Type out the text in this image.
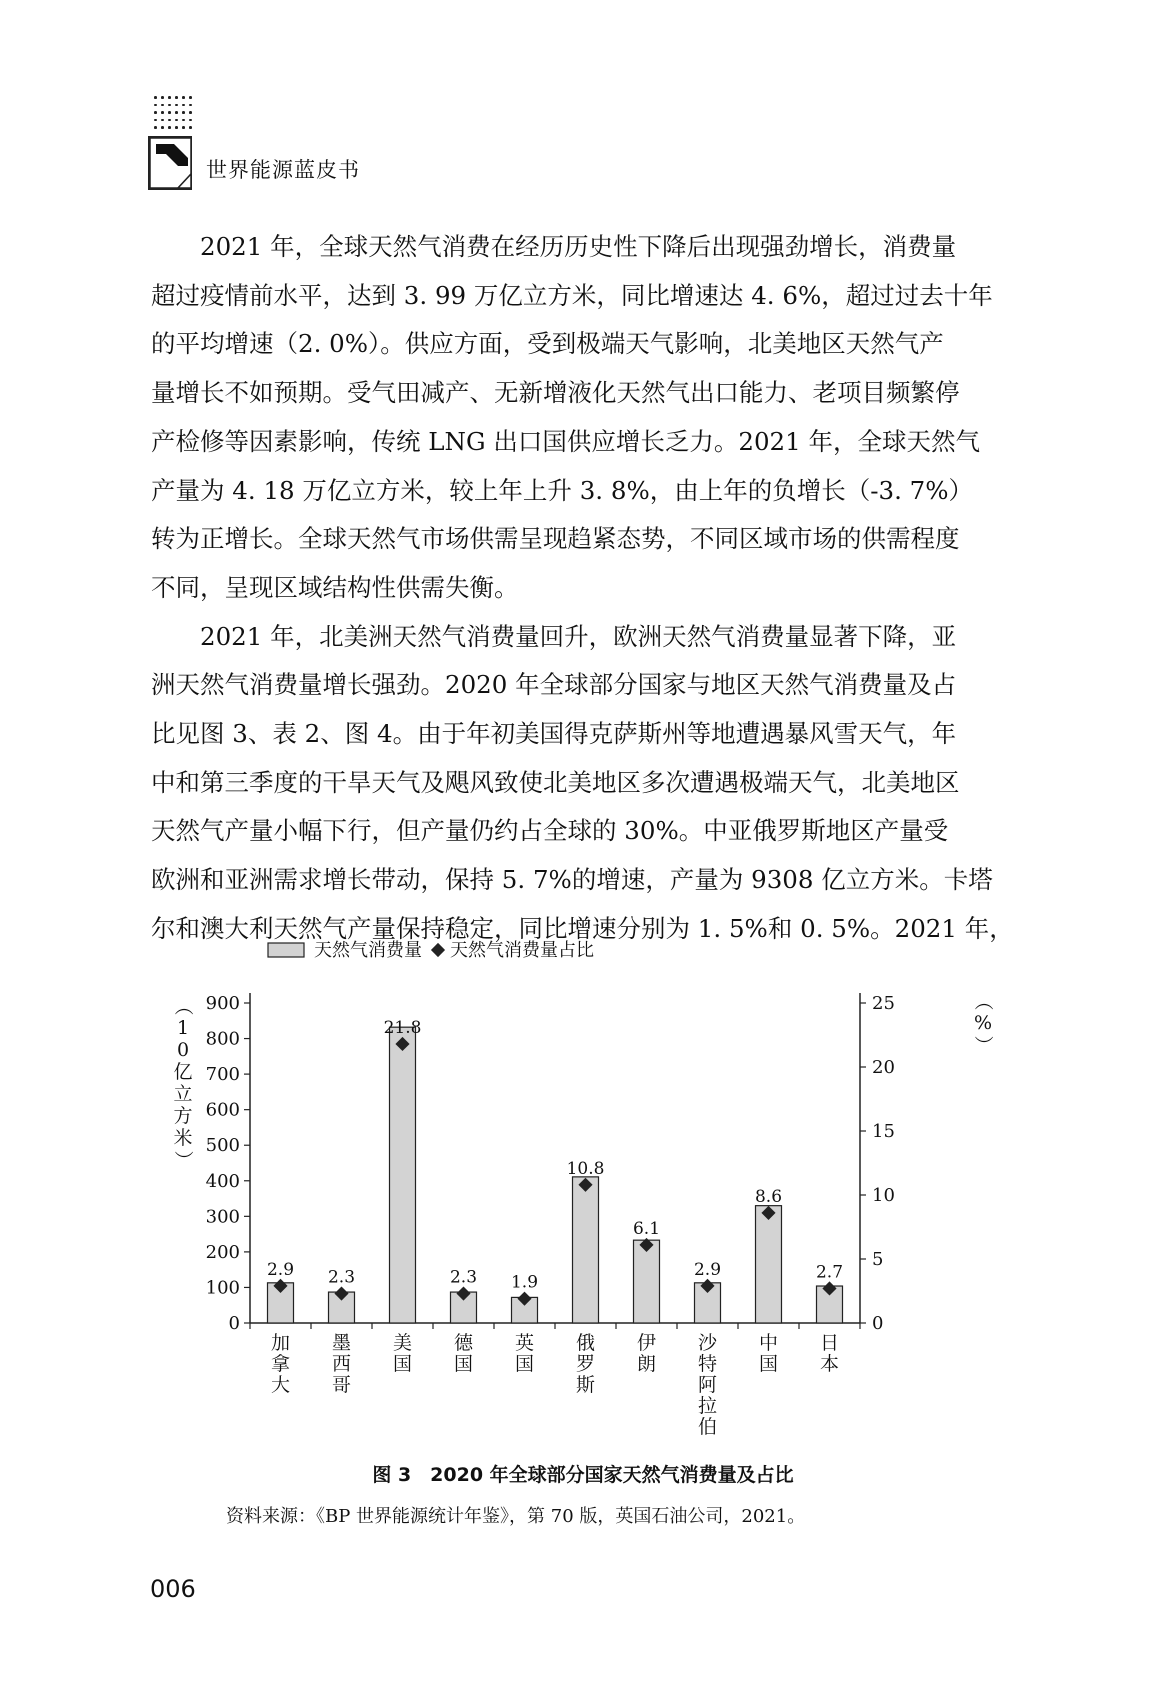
世界能源蓝皮书

2021 年，全球天然气消费在经历历史性下降后出现强劲增长，消费量
超过疫情前水平，达到 3. 99 万亿立方米，同比增速达 4. 6%，超过过去十年
的平均增速（2. 0%）。供应方面，受到极端天气影响，北美地区天然气产
量增长不如预期。受气田减产、无新增液化天然气出口能力、老项目频繁停
产检修等因素影响，传统 LNG 出口国供应增长乏力。2021 年，全球天然气
产量为 4. 18 万亿立方米，较上年上升 3. 8%，由上年的负增长（-3. 7%）
转为正增长。全球天然气市场供需呈现趋紧态势，不同区域市场的供需程度
不同，呈现区域结构性供需失衡。

2021 年，北美洲天然气消费量回升，欧洲天然气消费量显著下降，亚
洲天然气消费量增长强劲。2020 年全球部分国家与地区天然气消费量及占
比见图 3、表 2、图 4。由于年初美国得克萨斯州等地遭遇暴风雪天气，年
中和第三季度的干旱天气及飓风致使北美地区多次遭遇极端天气，北美地区
天然气产量小幅下行，但产量仍约占全球的 30%。中亚俄罗斯地区产量受
欧洲和亚洲需求增长带动，保持 5. 7%的增速，产量为 9308 亿立方米。卡塔
尔和澳大利天然气产量保持稳定，同比增速分别为 1. 5%和 0. 5%。2021 年，

（
1
0
亿
立
方
米
）
（
%
）
0
100
200
300
400
500
600
700
800
900
0
5
10
15
20
25
2.9
加
拿
大
2.3
墨
西
哥
21.8
美
国
2.3
德
国
1.9
英
国
10.8
俄
罗
斯
6.1
伊
朗
2.9
沙
特
阿
拉
伯
8.6
中
国
2.7
日
本
天然气消费量 天然气消费量占比
图 3　2020 年全球部分国家天然气消费量及占比
资料来源：《BP 世界能源统计年鉴》，第 70 版，英国石油公司，2021。
006
